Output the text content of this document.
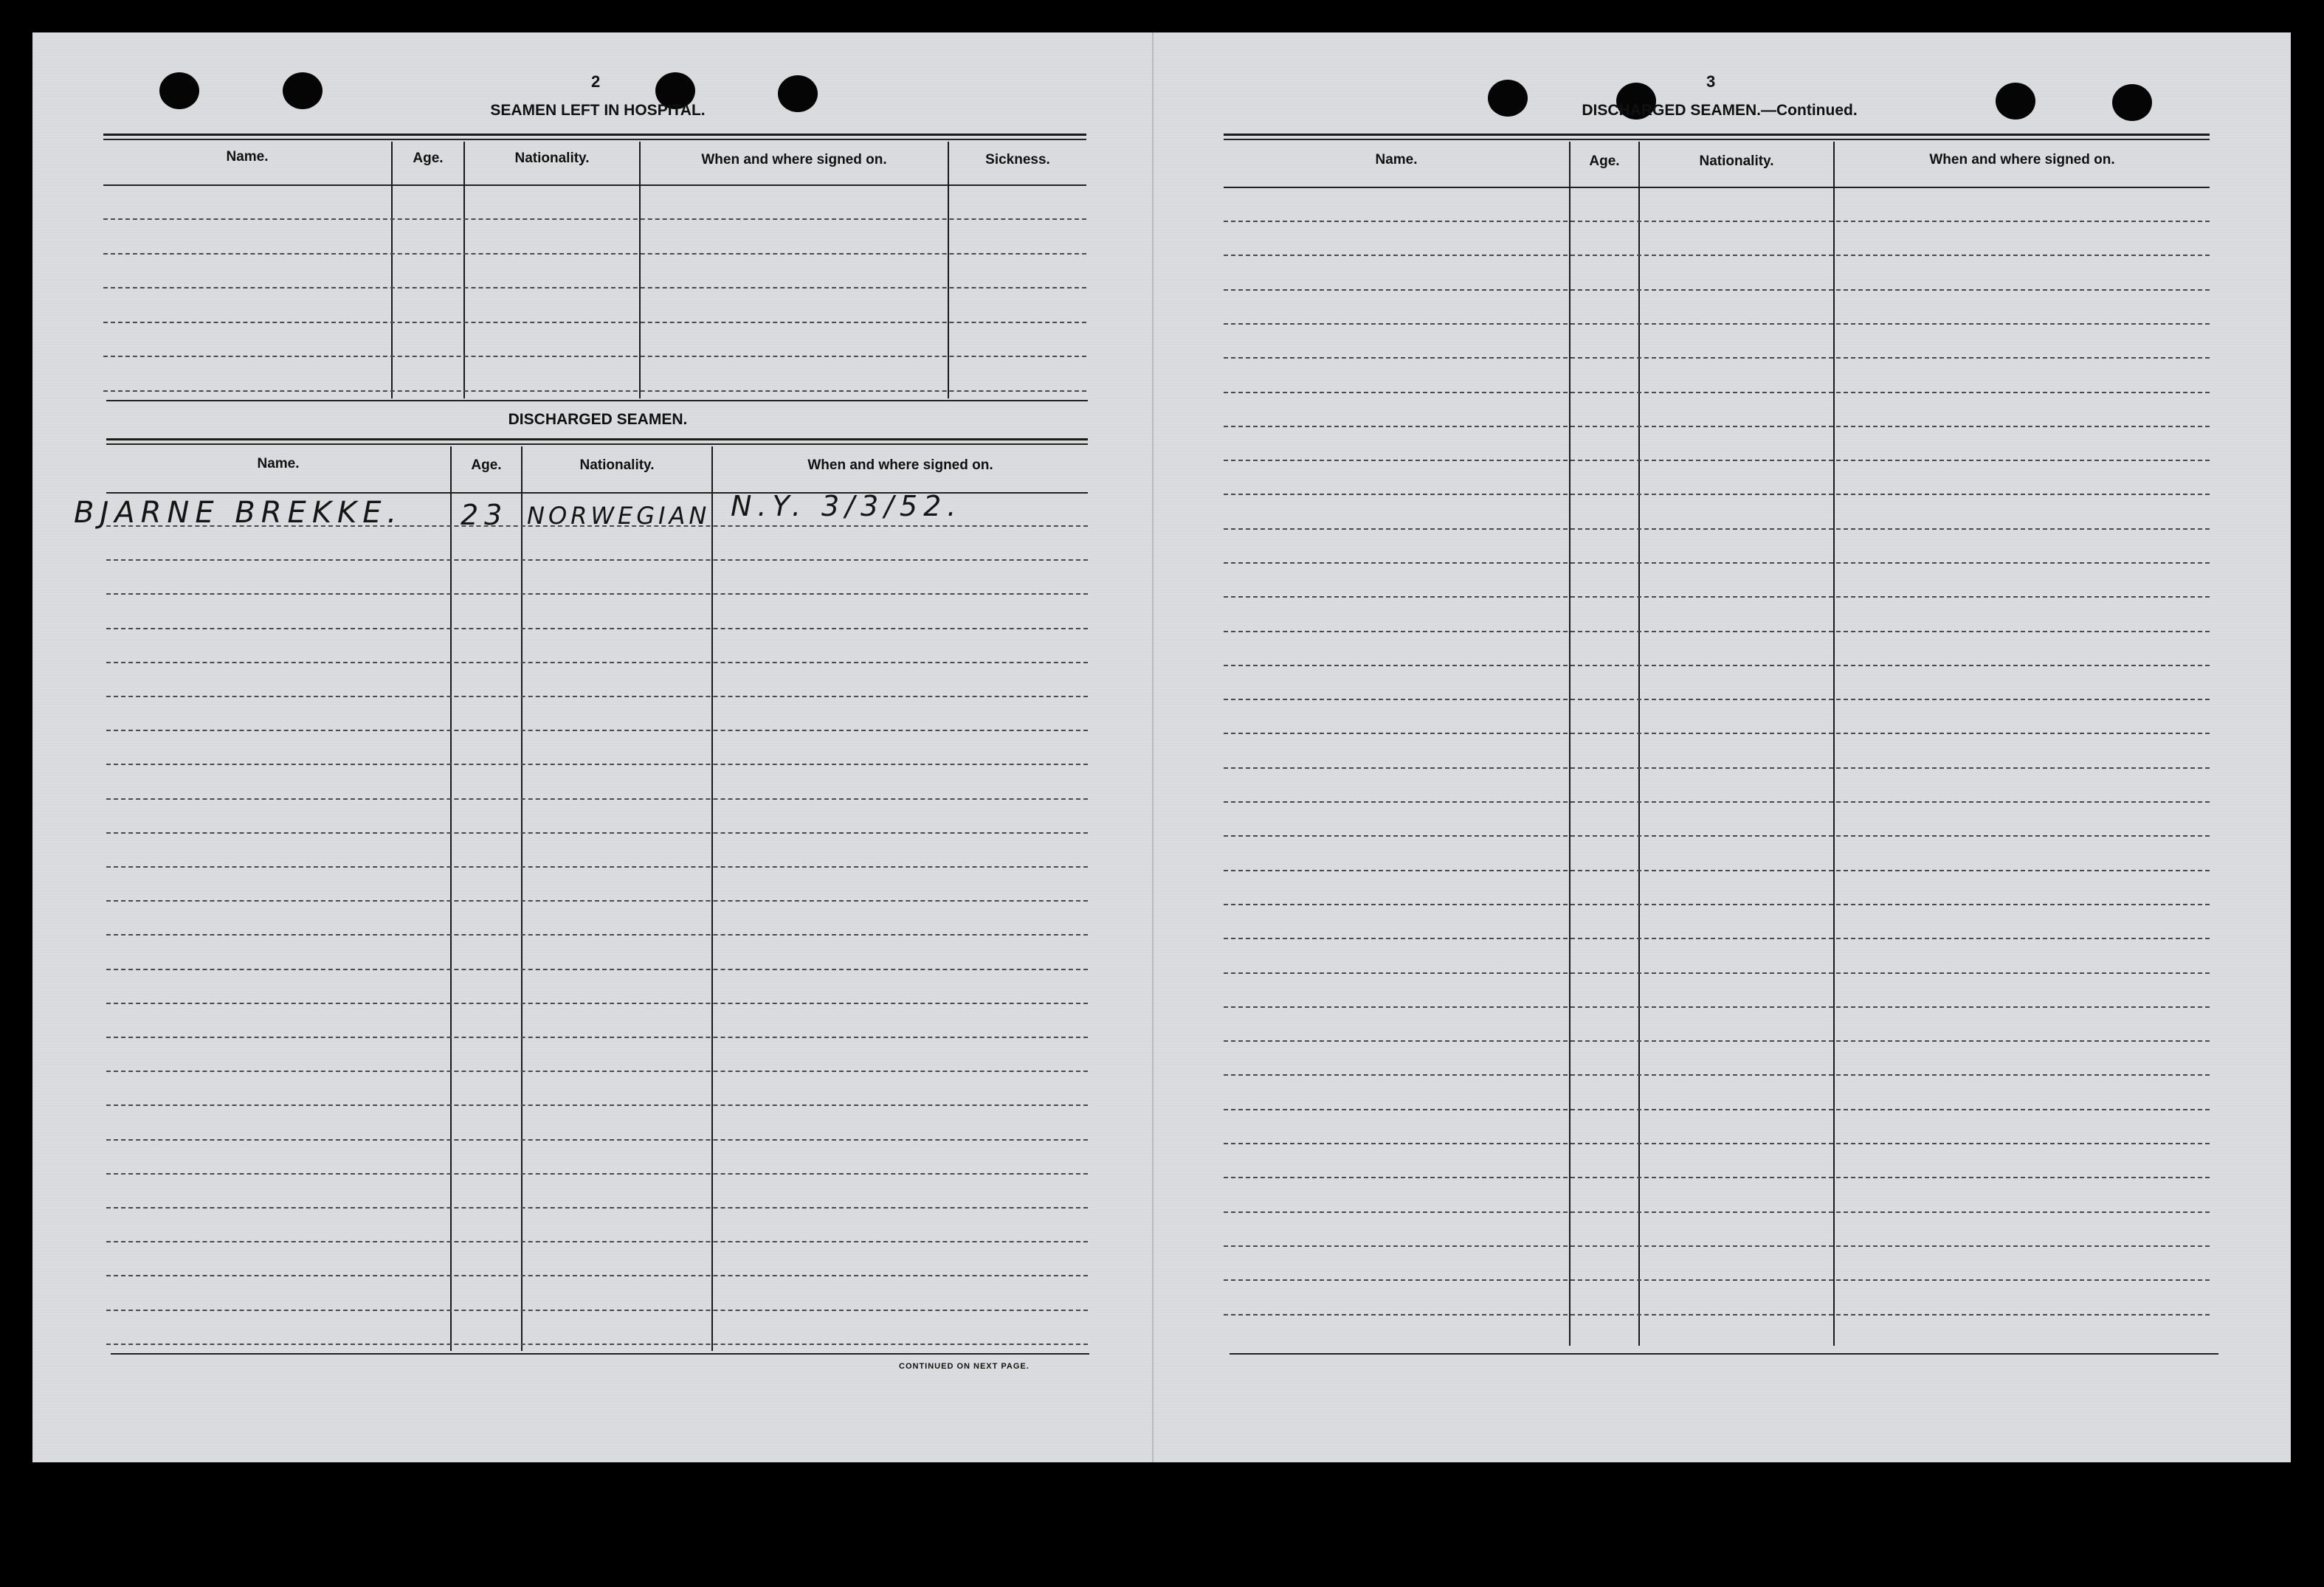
2
SEAMEN LEFT IN HOSPITAL.
Name.	Age.	Nationality.	When and where signed on.	Sickness.
DISCHARGED SEAMEN.
Name.	Age.	Nationality.	When and where signed on.
BJARNE BREKKE. 23 NORWEGIAN N.Y. 3/3/52.
CONTINUED ON NEXT PAGE.
3
DISCHARGED SEAMEN.—Continued.
Name.	Age.	Nationality.	When and where signed on.
